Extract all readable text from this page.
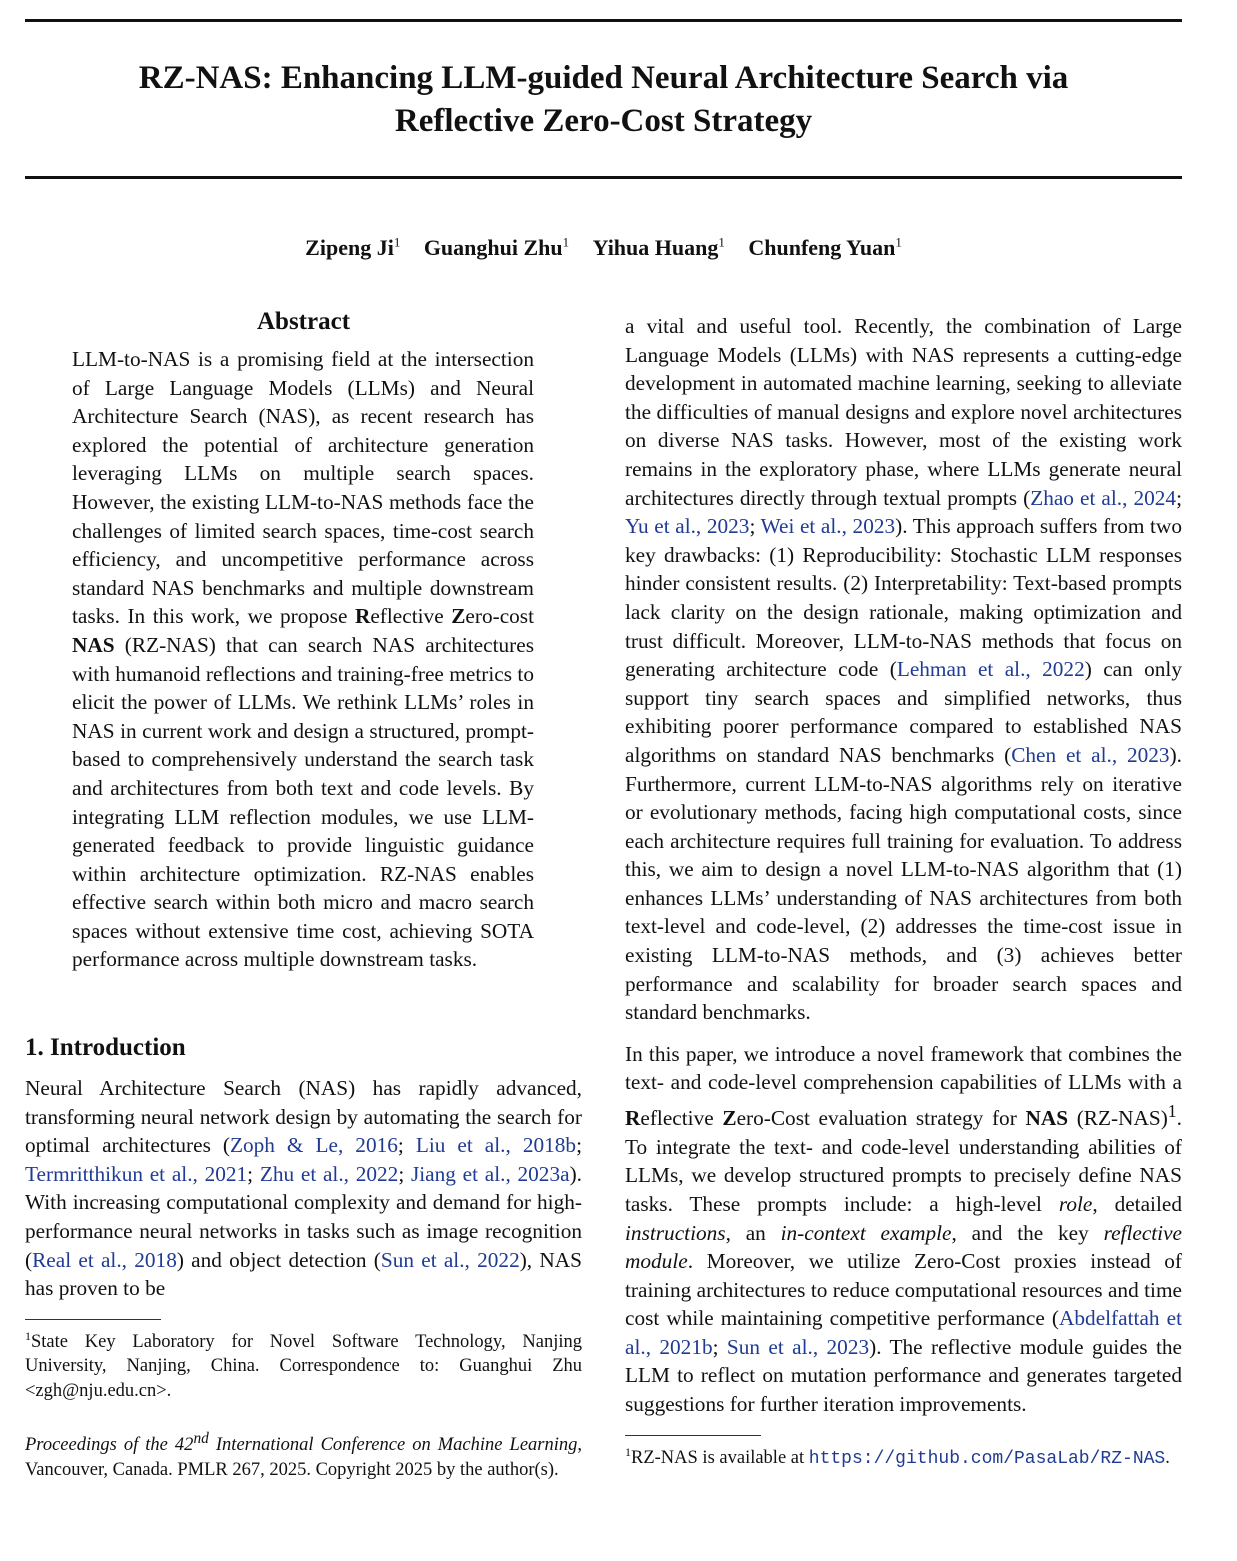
RZ-NAS: Enhancing LLM-guided Neural Architecture Search via
Reflective Zero-Cost Strategy
Zipeng Ji$^1$ Guanghui Zhu$^1$ Yihua Huang$^1$ Chunfeng Yuan$^1$
Abstract

LLM-to-NAS is a promising field at the intersection of Large Language Models (LLMs) and Neural Architecture Search (NAS), as recent research has explored the potential of architecture generation leveraging LLMs on multiple search spaces. However, the existing LLM-to-NAS methods face the challenges of limited search spaces, time-cost search efficiency, and uncompetitive performance across standard NAS benchmarks and multiple downstream tasks. In this work, we propose Reflective Zero-cost NAS (RZ-NAS) that can search NAS architectures with humanoid reflections and training-free metrics to elicit the power of LLMs. We rethink LLMs’ roles in NAS in current work and design a structured, prompt-based to comprehensively understand the search task and architectures from both text and code levels. By integrating LLM reflection modules, we use LLM-generated feedback to provide linguistic guidance within architecture optimization. RZ-NAS enables effective search within both micro and macro search spaces without extensive time cost, achieving SOTA performance across multiple downstream tasks.

1. Introduction

Neural Architecture Search (NAS) has rapidly advanced, transforming neural network design by automating the search for optimal architectures (Zoph & Le, 2016; Liu et al., 2018b; Termritthikun et al., 2021; Zhu et al., 2022; Jiang et al., 2023a). With increasing computational complexity and demand for high-performance neural networks in tasks such as image recognition (Real et al., 2018) and object detection (Sun et al., 2022), NAS has proven to be

$^1$State Key Laboratory for Novel Software Technology, Nanjing University, Nanjing, China. Correspondence to: Guanghui Zhu <zgh@nju.edu.cn>.

Proceedings of the 42nd International Conference on Machine Learning, Vancouver, Canada. PMLR 267, 2025. Copyright 2025 by the author(s).

a vital and useful tool. Recently, the combination of Large Language Models (LLMs) with NAS represents a cutting-edge development in automated machine learning, seeking to alleviate the difficulties of manual designs and explore novel architectures on diverse NAS tasks. However, most of the existing work remains in the exploratory phase, where LLMs generate neural architectures directly through textual prompts (Zhao et al., 2024; Yu et al., 2023; Wei et al., 2023). This approach suffers from two key drawbacks: (1) Reproducibility: Stochastic LLM responses hinder consistent results. (2) Interpretability: Text-based prompts lack clarity on the design rationale, making optimization and trust difficult. Moreover, LLM-to-NAS methods that focus on generating architecture code (Lehman et al., 2022) can only support tiny search spaces and simplified networks, thus exhibiting poorer performance compared to established NAS algorithms on standard NAS benchmarks (Chen et al., 2023). Furthermore, current LLM-to-NAS algorithms rely on iterative or evolutionary methods, facing high computational costs, since each architecture requires full training for evaluation. To address this, we aim to design a novel LLM-to-NAS algorithm that (1) enhances LLMs’ understanding of NAS architectures from both text-level and code-level, (2) addresses the time-cost issue in existing LLM-to-NAS methods, and (3) achieves better performance and scalability for broader search spaces and standard benchmarks.

In this paper, we introduce a novel framework that combines the text- and code-level comprehension capabilities of LLMs with a Reflective Zero-Cost evaluation strategy for NAS $(RZ-NAS)^1$. To integrate the text- and code-level understanding abilities of LLMs, we develop structured prompts to precisely define NAS tasks. These prompts include: a high-level role, detailed instructions, an in-context example, and the key reflective module. Moreover, we utilize Zero-Cost proxies instead of training architectures to reduce computational resources and time cost while maintaining competitive performance (Abdelfattah et al., 2021b; Sun et al., 2023). The reflective module guides the LLM to reflect on mutation performance and generates targeted suggestions for further iteration improvements.

$^1$RZ-NAS is available at https://github.com/PasaLab/RZ-NAS.
